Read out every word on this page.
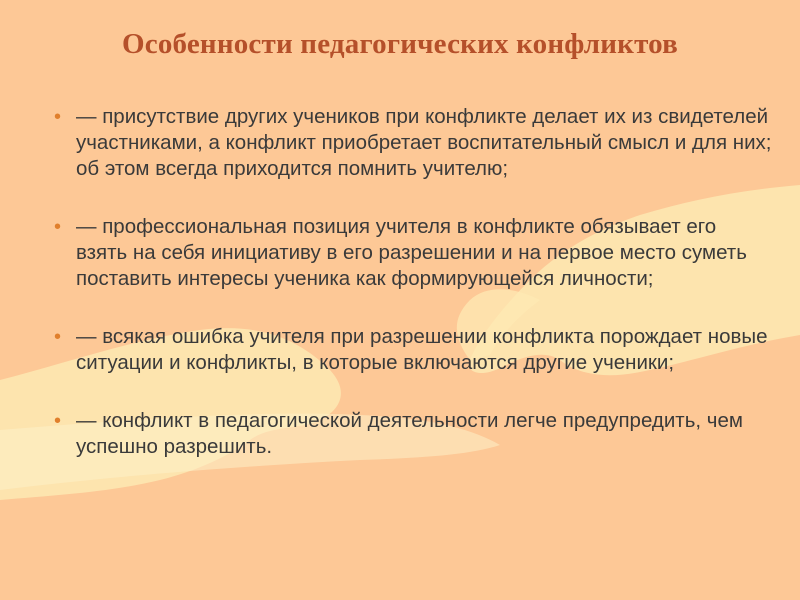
Особенности педагогических конфликтов
• — присутствие других учеников при конфликте делает их из свидетелей участниками, а конфликт приобретает воспитательный смысл и для них; об этом всегда приходится помнить учителю;
• — профессиональная позиция учителя в конфликте обязывает его взять на себя инициативу в его разрешении и на первое место суметь поставить интересы ученика как формирующейся личности;
• — всякая ошибка учителя при разрешении конфликта порождает новые ситуации и конфликты, в которые включаются другие ученики;
• — конфликт в педагогической деятельности легче предупредить, чем успешно разрешить.
